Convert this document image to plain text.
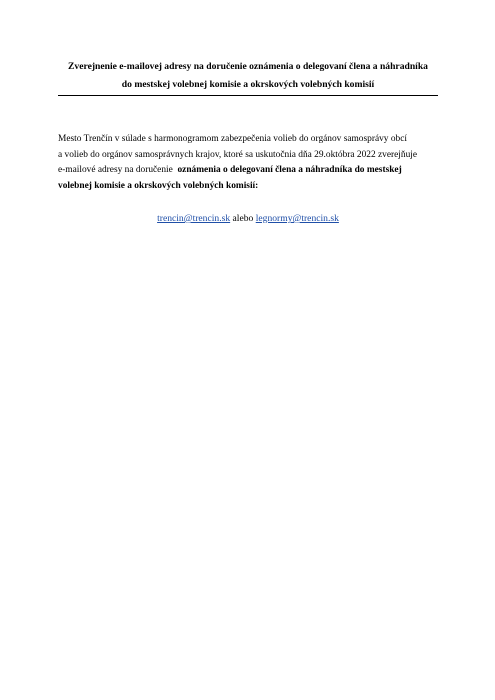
Zverejnenie e-mailovej adresy na doručenie oznámenia o delegovaní člena a náhradníka
do mestskej volebnej komisie a okrskových volebných komisií
Mesto Trenčín v súlade s harmonogramom zabezpečenia volieb do orgánov samosprávy obcí
a volieb do orgánov samosprávnych krajov, ktoré sa uskutočnia dňa 29.októbra 2022 zverejňuje
e-mailové adresy na doručenie  oznámenia o delegovaní člena a náhradníka do mestskej
volebnej komisie a okrskových volebných komisií:
trencin@trencin.sk alebo legnormy@trencin.sk
